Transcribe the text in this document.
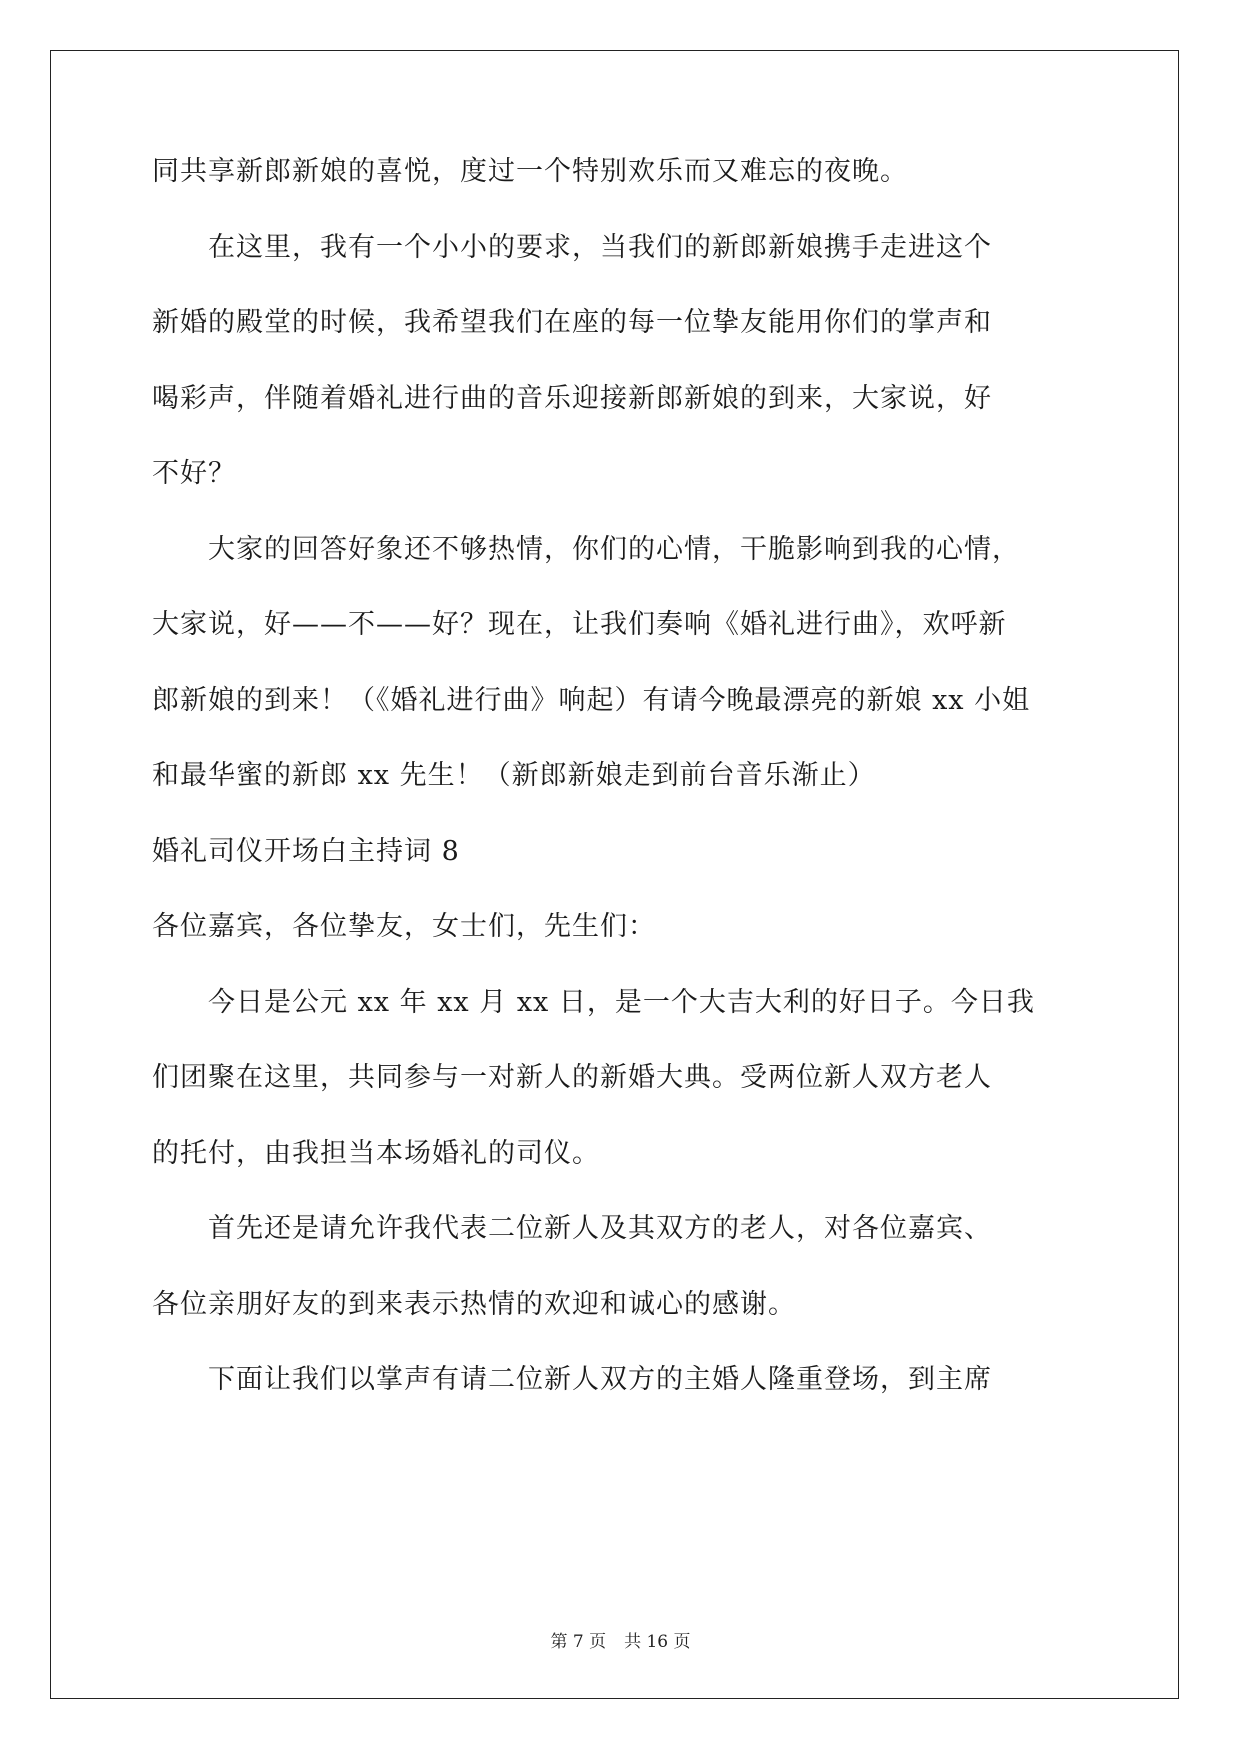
同共享新郎新娘的喜悦，度过一个特别欢乐而又难忘的夜晚。
　　在这里，我有一个小小的要求，当我们的新郎新娘携手走进这个
新婚的殿堂的时候，我希望我们在座的每一位挚友能用你们的掌声和
喝彩声，伴随着婚礼进行曲的音乐迎接新郎新娘的到来，大家说，好
不好？
　　大家的回答好象还不够热情，你们的心情，干脆影响到我的心情，
大家说，好——不——好？现在，让我们奏响《婚礼进行曲》，欢呼新
郎新娘的到来！（《婚礼进行曲》响起）有请今晚最漂亮的新娘 xx 小姐
和最华蜜的新郎 xx 先生！（新郎新娘走到前台音乐渐止）
婚礼司仪开场白主持词 8
各位嘉宾，各位挚友，女士们，先生们：
　　今日是公元 xx 年 xx 月 xx 日，是一个大吉大利的好日子。今日我
们团聚在这里，共同参与一对新人的新婚大典。受两位新人双方老人
的托付，由我担当本场婚礼的司仪。
　　首先还是请允许我代表二位新人及其双方的老人，对各位嘉宾、
各位亲朋好友的到来表示热情的欢迎和诚心的感谢。
　　下面让我们以掌声有请二位新人双方的主婚人隆重登场，到主席
第 7 页 共 16 页
